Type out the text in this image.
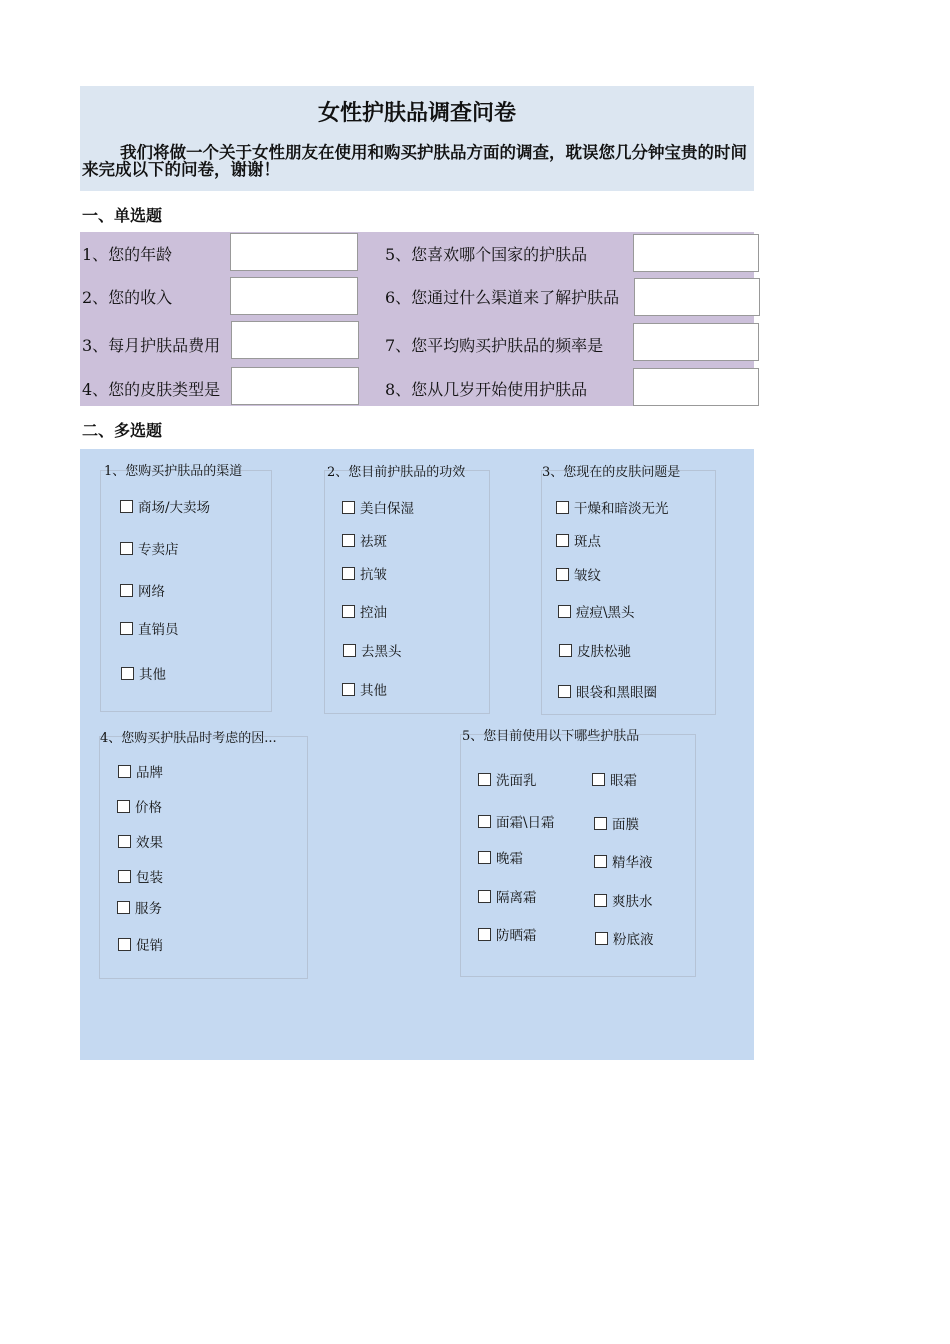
女性护肤品调查问卷
我们将做一个关于女性朋友在使用和购买护肤品方面的调查，耽误您几分钟宝贵的时间来完成以下的问卷，谢谢！
一、单选题
1、您的年龄
2、您的收入
3、每月护肤品费用
4、您的皮肤类型是
5、您喜欢哪个国家的护肤品
6、您通过什么渠道来了解护肤品
7、您平均购买护肤品的频率是
8、您从几岁开始使用护肤品
二、多选题
1、您购买护肤品的渠道
商场/大卖场
专卖店
网络
直销员
其他
2、您目前护肤品的功效
美白保湿
祛斑
抗皱
控油
去黑头
其他
3、您现在的皮肤问题是
干燥和暗淡无光
斑点
皱纹
痘痘\黑头
皮肤松驰
眼袋和黑眼圈
4、您购买护肤品时考虑的因...
品牌
价格
效果
包装
服务
促销
5、您目前使用以下哪些护肤品
洗面乳	眼霜
面霜\日霜	面膜
晚霜	精华液
隔离霜	爽肤水
防晒霜	粉底液
